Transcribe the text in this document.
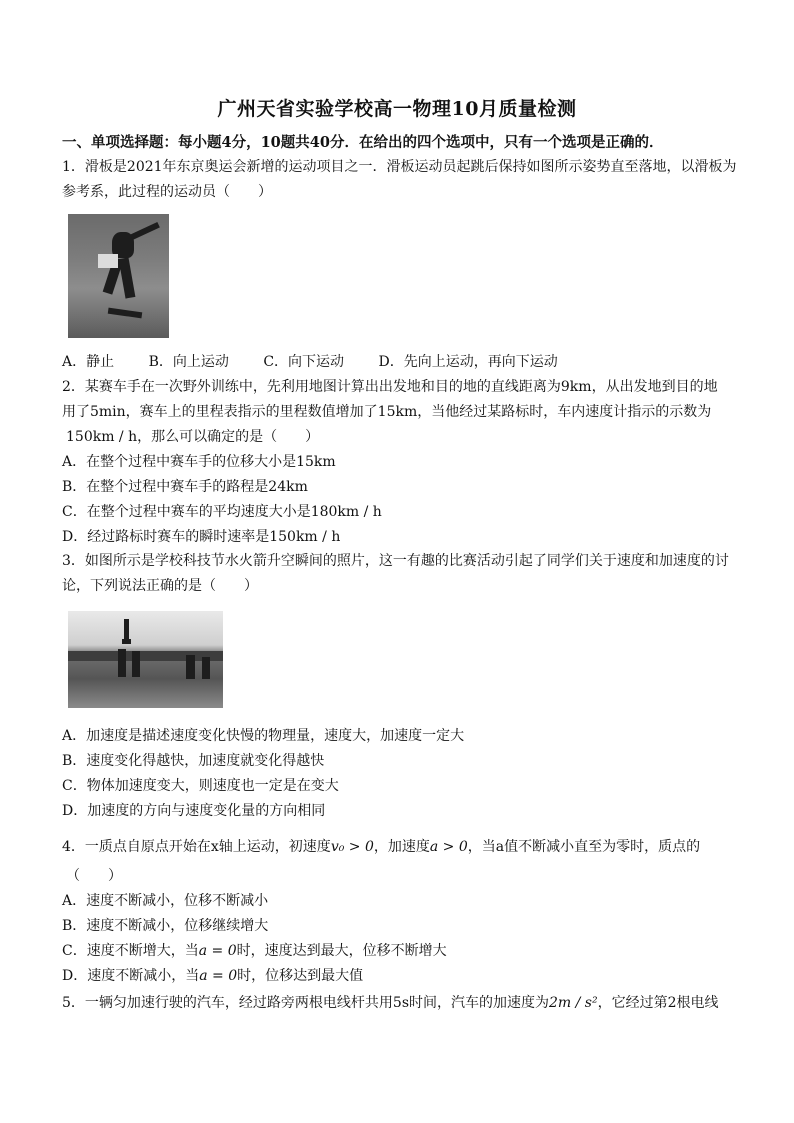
广州天省实验学校高一物理10月质量检测
一、单项选择题：每小题4分，10题共40分．在给出的四个选项中，只有一个选项是正确的．
1．滑板是2021年东京奥运会新增的运动项目之一．滑板运动员起跳后保持如图所示姿势直至落地，以滑板为
参考系，此过程的运动员（　　）
A．静止 B．向上运动 C．向下运动 D．先向上运动，再向下运动
2．某赛车手在一次野外训练中，先利用地图计算出出发地和目的地的直线距离为9km，从出发地到目的地
用了5min，赛车上的里程表指示的里程数值增加了15km，当他经过某路标时，车内速度计指示的示数为
150km / h，那么可以确定的是（　　）
A．在整个过程中赛车手的位移大小是15km
B．在整个过程中赛车手的路程是24km
C．在整个过程中赛车的平均速度大小是180km / h
D．经过路标时赛车的瞬时速率是150km / h
3．如图所示是学校科技节水火箭升空瞬间的照片，这一有趣的比赛活动引起了同学们关于速度和加速度的讨
论，下列说法正确的是（　　）
A．加速度是描述速度变化快慢的物理量，速度大，加速度一定大
B．速度变化得越快，加速度就变化得越快
C．物体加速度变大，则速度也一定是在变大
D．加速度的方向与速度变化量的方向相同
4．一质点自原点开始在x轴上运动，初速度v₀ > 0，加速度a > 0，当a值不断减小直至为零时，质点的
（　　）
A．速度不断减小，位移不断减小
B．速度不断减小，位移继续增大
C．速度不断增大，当a = 0时，速度达到最大，位移不断增大
D．速度不断减小，当a = 0时，位移达到最大值
5．一辆匀加速行驶的汽车，经过路旁两根电线杆共用5s时间，汽车的加速度为2m / s²，它经过第2根电线
